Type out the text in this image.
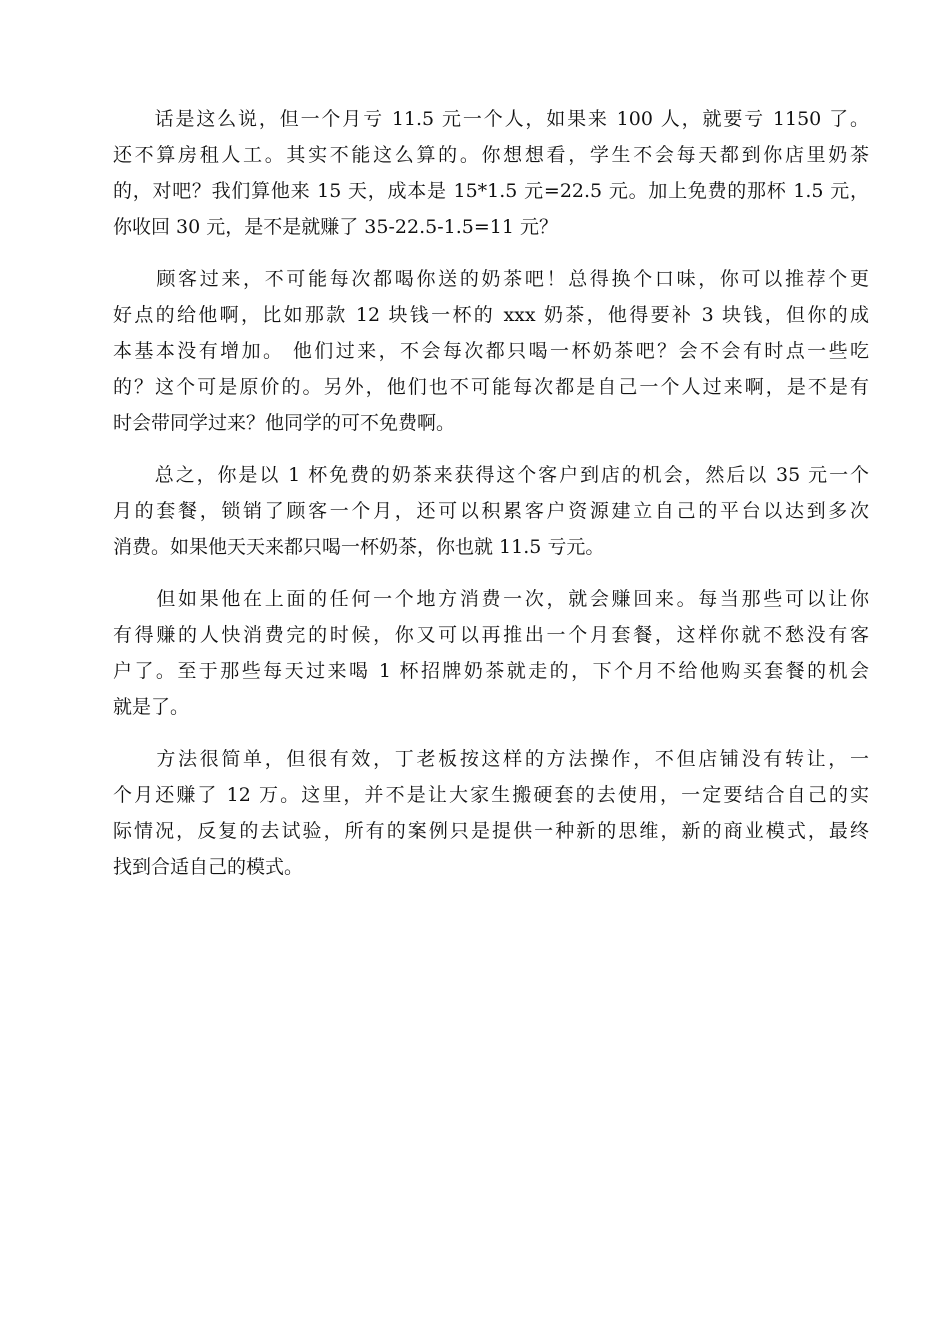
　　话是这么说，但一个月亏 11.5 元一个人，如果来 100 人，就要亏 1150 了。
还不算房租人工。其实不能这么算的。你想想看，学生不会每天都到你店里奶茶
的，对吧？我们算他来 15 天，成本是 15*1.5 元=22.5 元。加上免费的那杯 1.5 元，
你收回 30 元，是不是就赚了 35-22.5-1.5=11 元？

　　顾客过来，不可能每次都喝你送的奶茶吧！总得换个口味，你可以推荐个更
好点的给他啊，比如那款 12 块钱一杯的 xxx 奶茶，他得要补 3 块钱，但你的成
本基本没有增加。 他们过来，不会每次都只喝一杯奶茶吧？会不会有时点一些吃
的？这个可是原价的。另外，他们也不可能每次都是自己一个人过来啊，是不是有
时会带同学过来？他同学的可不免费啊。

　　总之，你是以 1 杯免费的奶茶来获得这个客户到店的机会，然后以 35 元一个
月的套餐，锁销了顾客一个月，还可以积累客户资源建立自己的平台以达到多次
消费。如果他天天来都只喝一杯奶茶，你也就 11.5 亏元。

　　但如果他在上面的任何一个地方消费一次，就会赚回来。每当那些可以让你
有得赚的人快消费完的时候，你又可以再推出一个月套餐，这样你就不愁没有客
户了。至于那些每天过来喝 1 杯招牌奶茶就走的，下个月不给他购买套餐的机会
就是了。

　　方法很简单，但很有效，丁老板按这样的方法操作，不但店铺没有转让，一
个月还赚了 12 万。这里，并不是让大家生搬硬套的去使用，一定要结合自己的实
际情况，反复的去试验，所有的案例只是提供一种新的思维，新的商业模式，最终
找到合适自己的模式。
